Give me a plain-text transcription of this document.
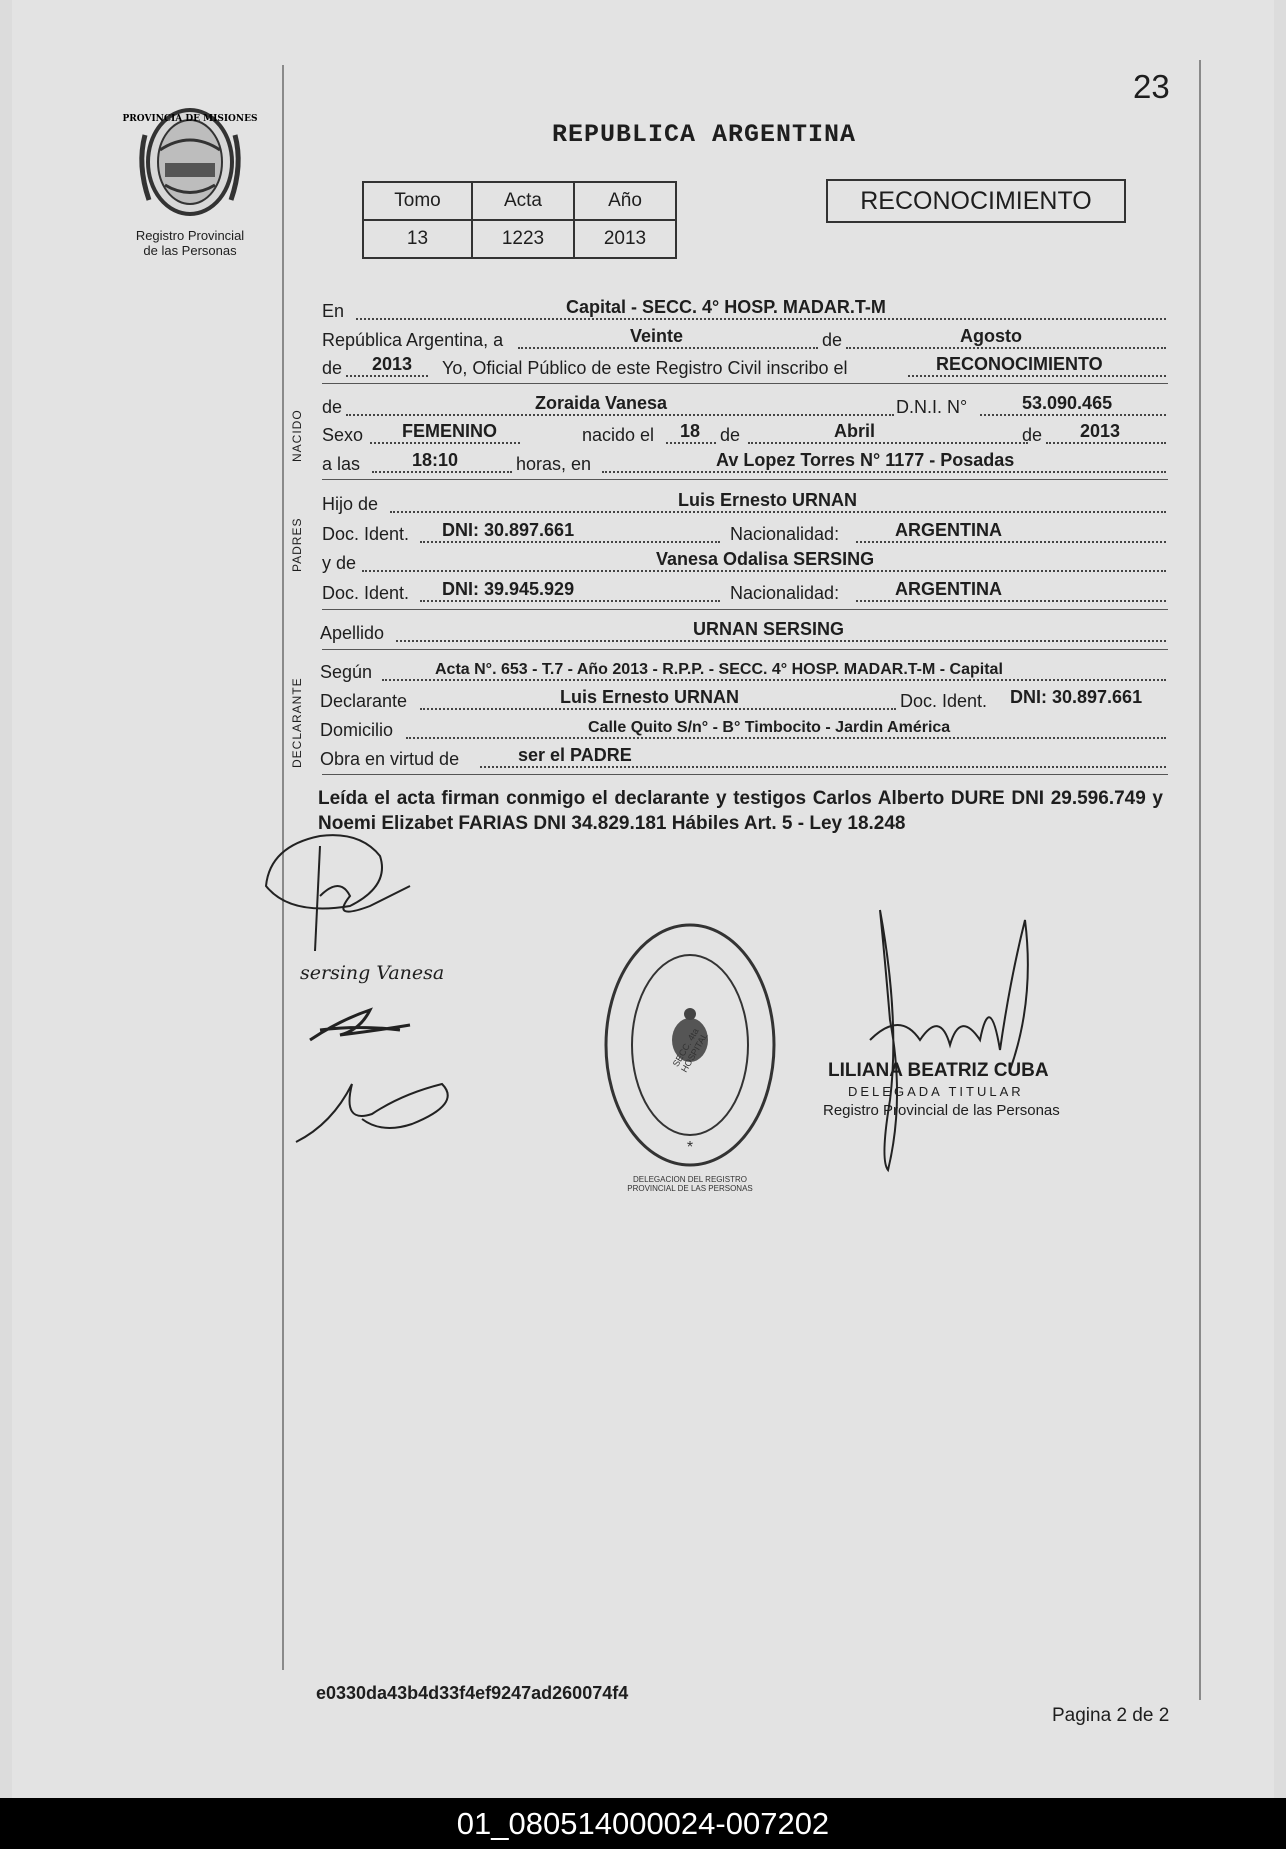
23
PROVINCIA DE MISIONES
Registro Provincial
de las Personas
REPUBLICA ARGENTINA
Tomo	Acta	Año
13	1223	2013
RECONOCIMIENTO
NACIDO
PADRES
DECLARANTE
En	Capital - SECC. 4° HOSP. MADAR.T-M
República Argentina, a	Veinte	de	Agosto
de 2013 Yo, Oficial Público de este Registro Civil inscribo el	RECONOCIMIENTO
de	Zoraida Vanesa	D.N.I. N°	53.090.465
Sexo FEMENINO	nacido el 18 de	Abril	de 2013
a las	18:10	horas, en	Av Lopez Torres N° 1177 - Posadas
Hijo de	Luis Ernesto URNAN
Doc. Ident. DNI: 30.897.661	Nacionalidad:	ARGENTINA
y de	Vanesa Odalisa SERSING
Doc. Ident. DNI: 39.945.929	Nacionalidad:	ARGENTINA
Apellido	URNAN SERSING
Según	Acta N°. 653 - T.7 - Año 2013 - R.P.P. - SECC. 4° HOSP. MADAR.T-M - Capital
Declarante	Luis Ernesto URNAN	Doc. Ident. DNI: 30.897.661
Domicilio	Calle Quito S/n° - B° Timbocito - Jardin América
Obra en virtud de	ser el PADRE
Leída el acta firman conmigo el declarante y testigos Carlos Alberto DURE DNI 29.596.749 y Noemi Elizabet FARIAS DNI 34.829.181 Hábiles Art. 5 - Ley 18.248
sersing Vanesa
*
DELEGACION DEL REGISTRO PROVINCIAL DE LAS PERSONAS
SECC. 4ta HOSPITAL	LILIANA BEATRIZ CUBA
DELEGADA TITULAR
Registro Provincial de las Personas
e0330da43b4d33f4ef9247ad260074f4
Pagina 2 de 2
01_080514000024-007202
